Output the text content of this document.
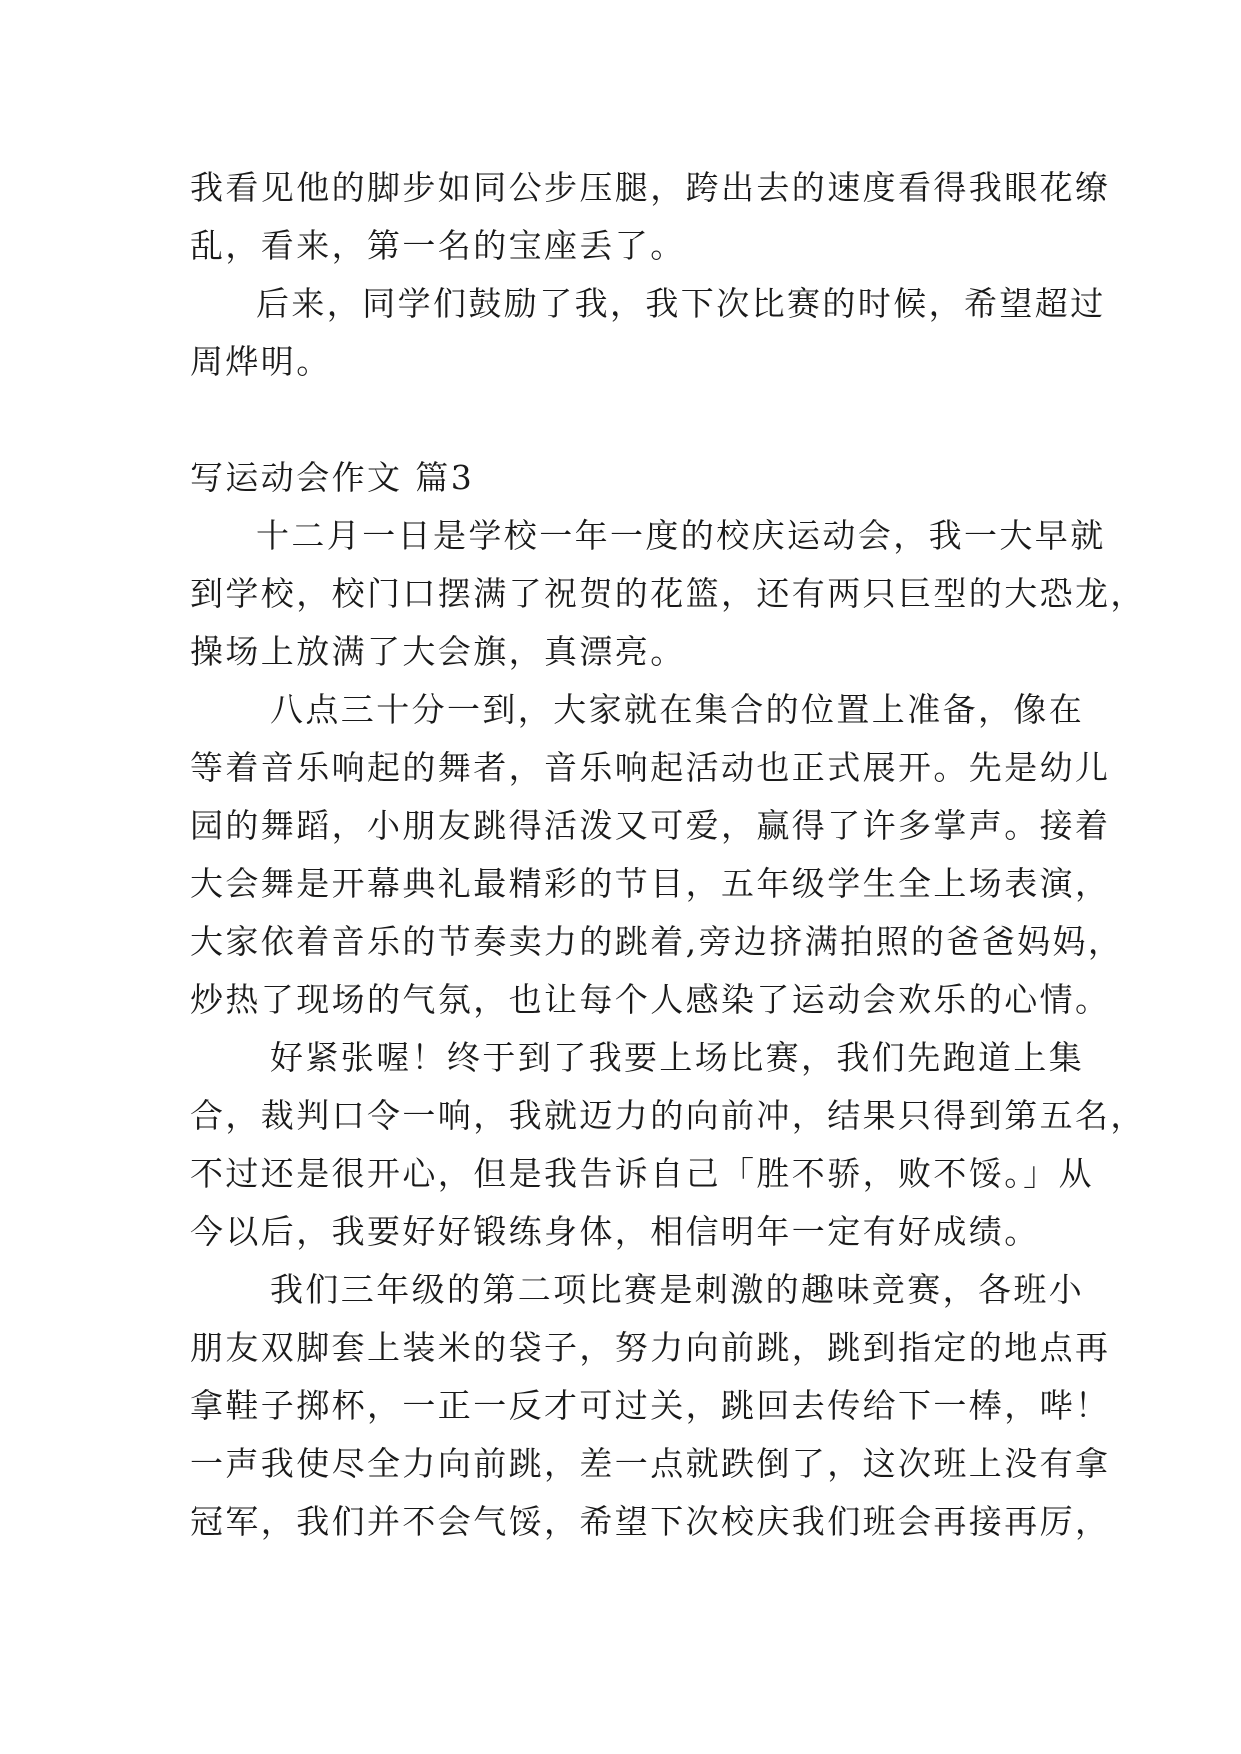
我看见他的脚步如同公步压腿，跨出去的速度看得我眼花缭
乱，看来，第一名的宝座丢了。
后来，同学们鼓励了我，我下次比赛的时候，希望超过
周烨明。
写运动会作文 篇3
十二月一日是学校一年一度的校庆运动会，我一大早就
到学校，校门口摆满了祝贺的花篮，还有两只巨型的大恐龙，
操场上放满了大会旗，真漂亮。
八点三十分一到，大家就在集合的位置上准备，像在
等着音乐响起的舞者，音乐响起活动也正式展开。先是幼儿
园的舞蹈，小朋友跳得活泼又可爱，赢得了许多掌声。接着
大会舞是开幕典礼最精彩的节目，五年级学生全上场表演，
大家依着音乐的节奏卖力的跳着,旁边挤满拍照的爸爸妈妈，
炒热了现场的气氛，也让每个人感染了运动会欢乐的心情。
好紧张喔！终于到了我要上场比赛，我们先跑道上集
合，裁判口令一响，我就迈力的向前冲，结果只得到第五名，
不过还是很开心，但是我告诉自己「胜不骄，败不馁。」从
今以后，我要好好锻练身体，相信明年一定有好成绩。
我们三年级的第二项比赛是刺激的趣味竞赛，各班小
朋友双脚套上装米的袋子，努力向前跳，跳到指定的地点再
拿鞋子掷杯，一正一反才可过关，跳回去传给下一棒，哔！
一声我使尽全力向前跳，差一点就跌倒了，这次班上没有拿
冠军，我们并不会气馁，希望下次校庆我们班会再接再厉，
